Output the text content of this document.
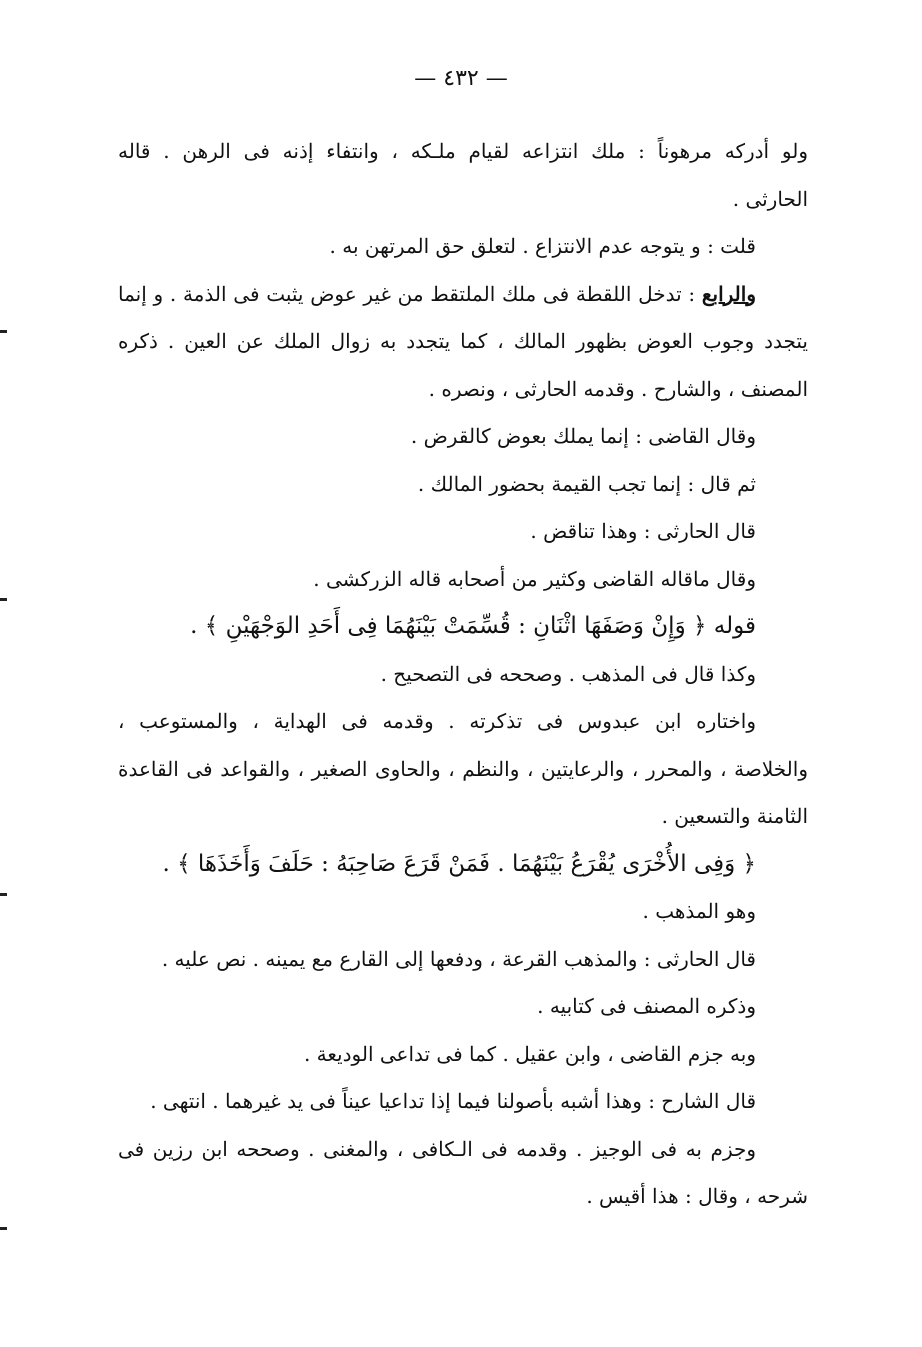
— ٤٣٢ —
ولو أدركه مرهوناً : ملك انتزاعه لقيام ملـكه ، وانتفاء إذنه فى الرهن . قاله
الحارثى .
قلت : و يتوجه عدم الانتزاع . لتعلق حق المرتهن به .
والرابع : تدخل اللقطة فى ملك الملتقط من غير عوض يثبت فى الذمة . و إنما
يتجدد وجوب العوض بظهور المالك ، كما يتجدد به زوال الملك عن العين . ذكره
المصنف ، والشارح . وقدمه الحارثى ، ونصره .
وقال القاضى : إنما يملك بعوض كالقرض .
ثم قال : إنما تجب القيمة بحضور المالك .
قال الحارثى : وهذا تناقض .
وقال ماقاله القاضى وكثير من أصحابه قاله الزركشى .
قوله ﴿ وَإِنْ وَصَفَهَا اثْنَانِ : قُسِّمَتْ بَيْنَهُمَا فِى أَحَدِ الوَجْهَيْنِ ﴾ .
وكذا قال فى المذهب . وصححه فى التصحيح .
واختاره ابن عبدوس فى تذكرته . وقدمه فى الهداية ، والمستوعب ،
والخلاصة ، والمحرر ، والرعايتين ، والنظم ، والحاوى الصغير ، والقواعد فى القاعدة
الثامنة والتسعين .
﴿ وَفِى الأُخْرَى يُقْرَعُ بَيْنَهُمَا . فَمَنْ قَرَعَ صَاحِبَهُ : حَلَفَ وَأَخَذَهَا ﴾ .
وهو المذهب .
قال الحارثى : والمذهب القرعة ، ودفعها إلى القارع مع يمينه . نص عليه .
وذكره المصنف فى كتابيه .
وبه جزم القاضى ، وابن عقيل . كما فى تداعى الوديعة .
قال الشارح : وهذا أشبه بأصولنا فيما إذا تداعيا عيناً فى يد غيرهما . انتهى .
وجزم به فى الوجيز . وقدمه فى الـكافى ، والمغنى . وصححه ابن رزين فى
شرحه ، وقال : هذا أقيس .
